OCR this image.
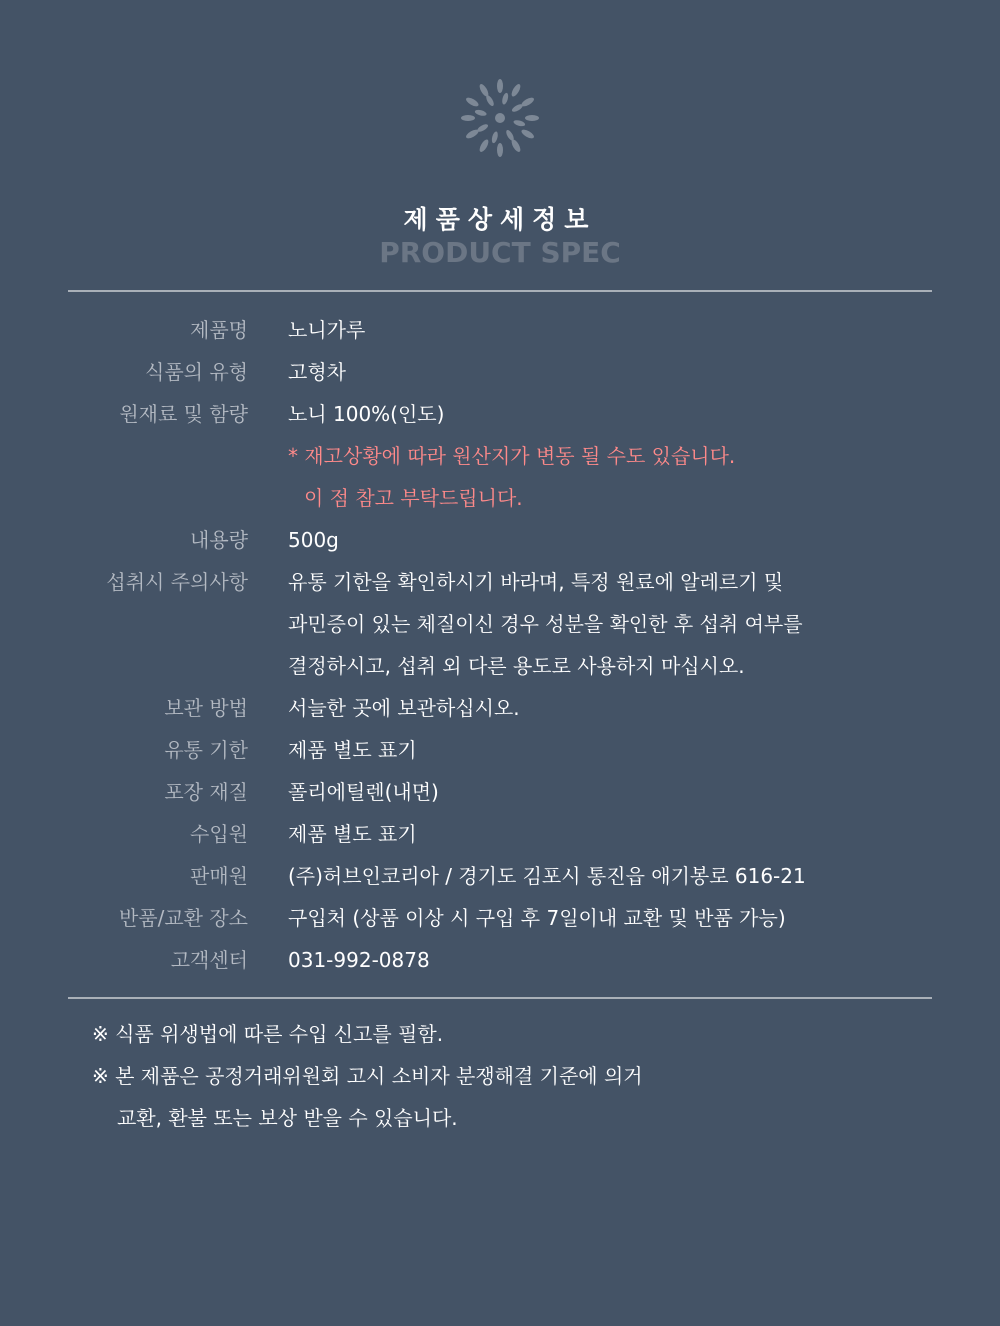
제품상세정보
PRODUCT SPEC
제품명 노니가루
식품의 유형 고형차
원재료 및 함량 노니 100%(인도)
* 재고상황에 따라 원산지가 변동 될 수도 있습니다.
이 점 참고 부탁드립니다.
내용량 500g
섭취시 주의사항 유통 기한을 확인하시기 바라며, 특정 원료에 알레르기 및
과민증이 있는 체질이신 경우 성분을 확인한 후 섭취 여부를
결정하시고, 섭취 외 다른 용도로 사용하지 마십시오.
보관 방법 서늘한 곳에 보관하십시오.
유통 기한 제품 별도 표기
포장 재질 폴리에틸렌(내면)
수입원 제품 별도 표기
판매원 (주)허브인코리아 / 경기도 김포시 통진읍 애기봉로 616-21
반품/교환 장소 구입처 (상품 이상 시 구입 후 7일이내 교환 및 반품 가능)
고객센터 031-992-0878
※ 식품 위생법에 따른 수입 신고를 필함.
※ 본 제품은 공정거래위원회 고시 소비자 분쟁해결 기준에 의거
교환, 환불 또는 보상 받을 수 있습니다.
